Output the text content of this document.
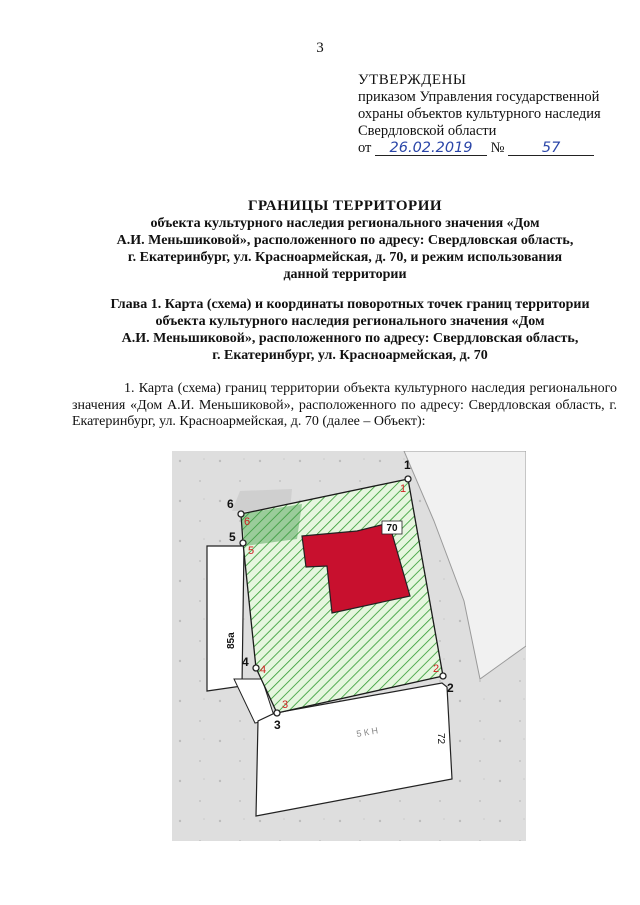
3
УТВЕРЖДЕНЫ
приказом Управления государственной
охраны объектов культурного наследия
Свердловской области
от 26.02.2019 №	57
ГРАНИЦЫ ТЕРРИТОРИИ
объекта культурного наследия регионального значения «Дом
А.И. Меньшиковой», расположенного по адресу: Свердловская область,
г. Екатеринбург, ул. Красноармейская, д. 70, и режим использования
данной территории
Глава 1. Карта (схема) и координаты поворотных точек границ территории
объекта культурного наследия регионального значения «Дом
А.И. Меньшиковой», расположенного по адресу: Свердловская область,
г. Екатеринбург, ул. Красноармейская, д. 70
1. Карта (схема) границ территории объекта культурного наследия регионального значения «Дом А.И. Меньшиковой», расположенного по адресу: Свердловская область, г. Екатеринбург, ул. Красноармейская, д. 70 (далее – Объект):
70
85а
72
5 К Н
1
1
2
2
3
3
4
4
5
5
6
6
